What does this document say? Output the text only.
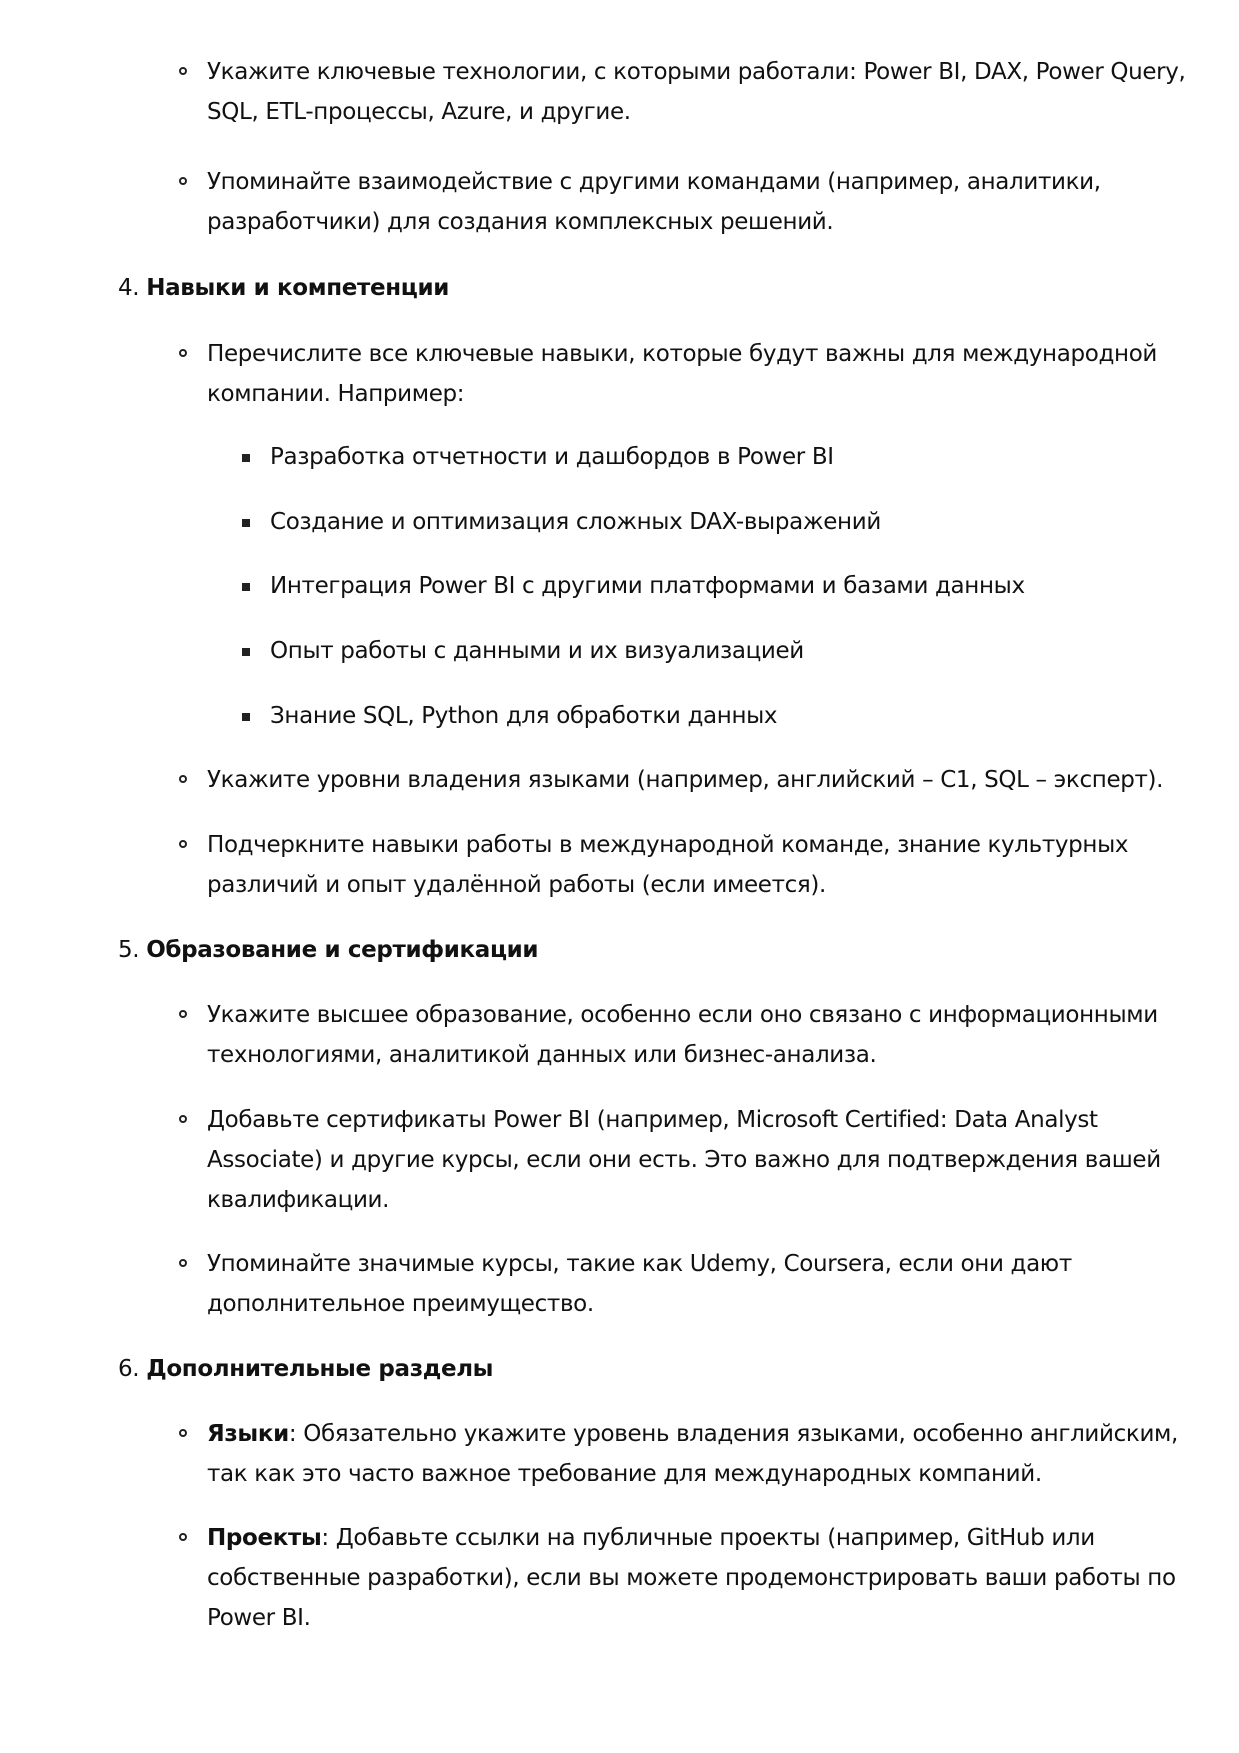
Укажите ключевые технологии, с которыми работали: Power BI, DAX, Power Query,
SQL, ETL-процессы, Azure, и другие.
Упоминайте взаимодействие с другими командами (например, аналитики,
разработчики) для создания комплексных решений.
4. Навыки и компетенции
Перечислите все ключевые навыки, которые будут важны для международной
компании. Например:
Разработка отчетности и дашбордов в Power BI
Создание и оптимизация сложных DAX-выражений
Интеграция Power BI с другими платформами и базами данных
Опыт работы с данными и их визуализацией
Знание SQL, Python для обработки данных
Укажите уровни владения языками (например, английский – C1, SQL – эксперт).
Подчеркните навыки работы в международной команде, знание культурных
различий и опыт удалённой работы (если имеется).
5. Образование и сертификации
Укажите высшее образование, особенно если оно связано с информационными
технологиями, аналитикой данных или бизнес-анализа.
Добавьте сертификаты Power BI (например, Microsoft Certified: Data Analyst
Associate) и другие курсы, если они есть. Это важно для подтверждения вашей
квалификации.
Упоминайте значимые курсы, такие как Udemy, Coursera, если они дают
дополнительное преимущество.
6. Дополнительные разделы
Языки: Обязательно укажите уровень владения языками, особенно английским,
так как это часто важное требование для международных компаний.
Проекты: Добавьте ссылки на публичные проекты (например, GitHub или
собственные разработки), если вы можете продемонстрировать ваши работы по
Power BI.
